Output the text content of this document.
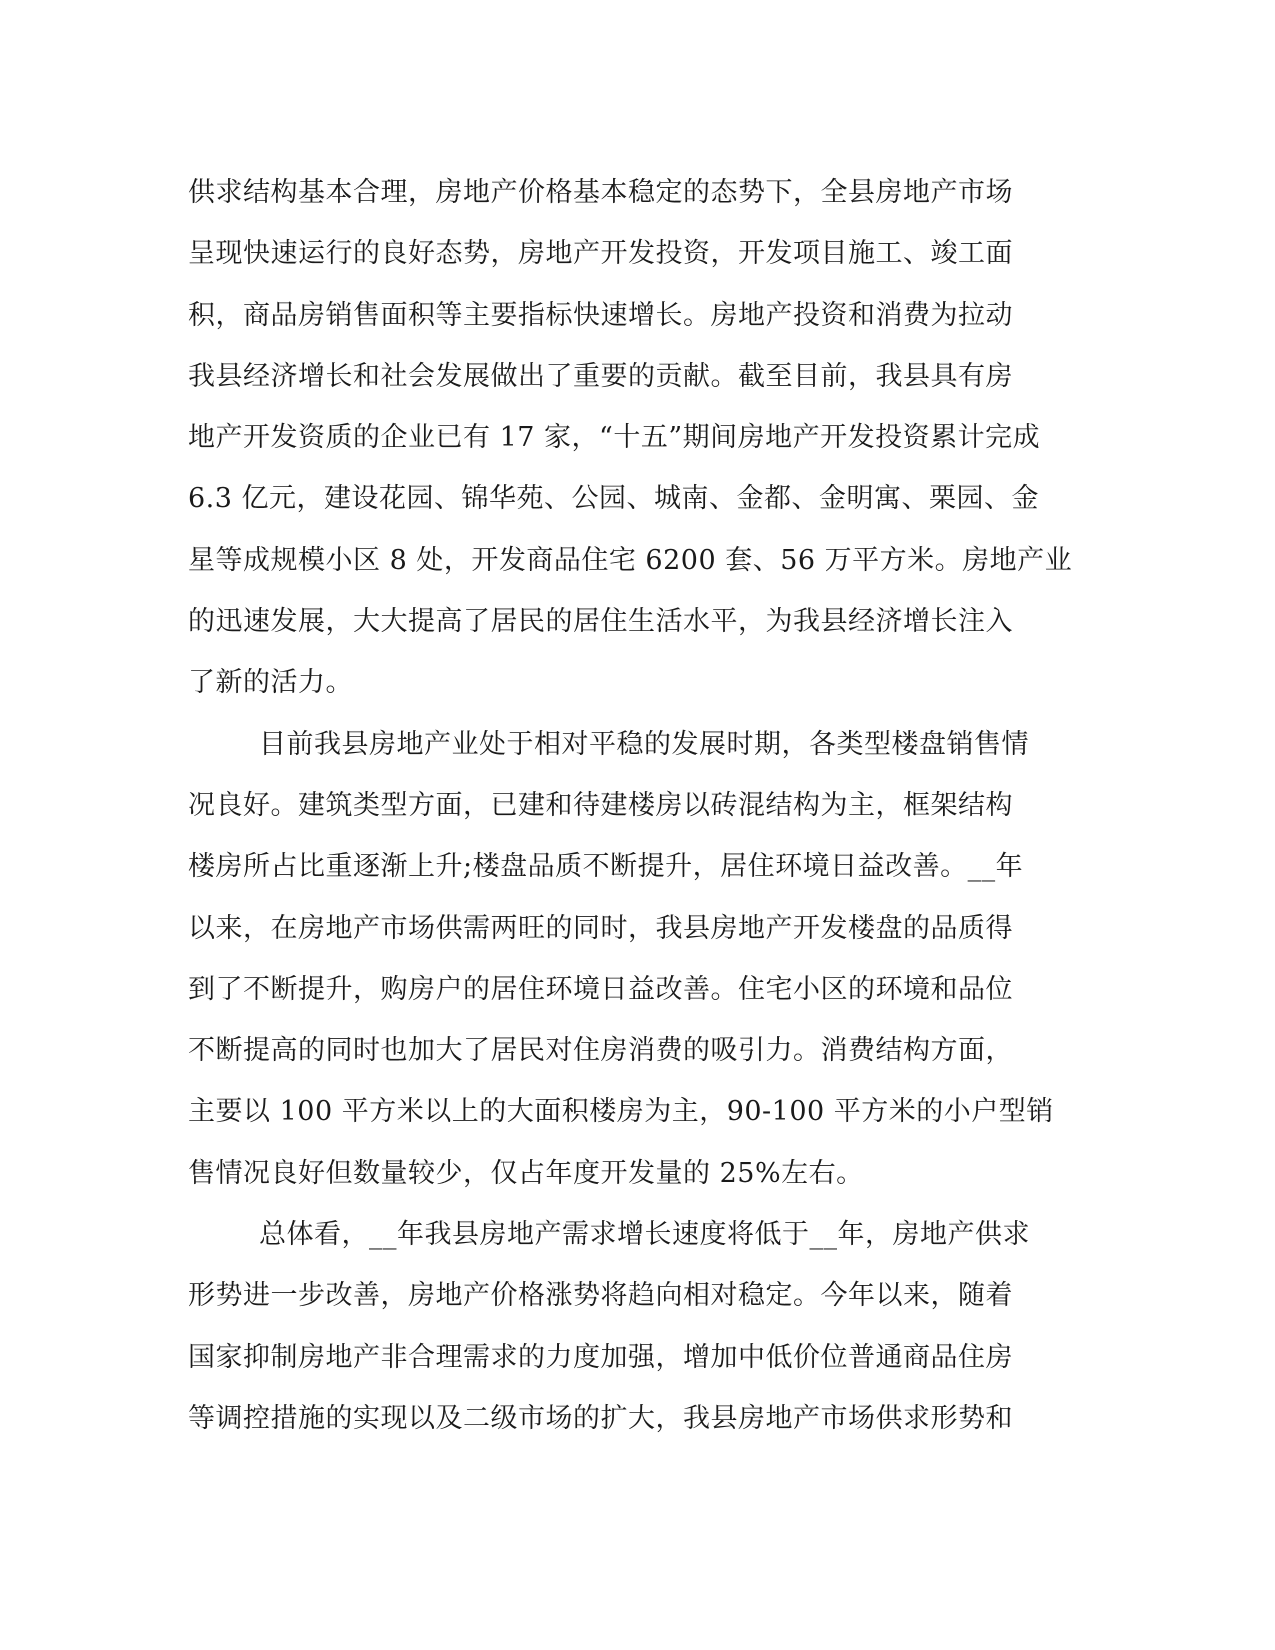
供求结构基本合理，房地产价格基本稳定的态势下，全县房地产市场
呈现快速运行的良好态势，房地产开发投资，开发项目施工、竣工面
积，商品房销售面积等主要指标快速增长。房地产投资和消费为拉动
我县经济增长和社会发展做出了重要的贡献。截至目前，我县具有房
地产开发资质的企业已有 17 家，“十五”期间房地产开发投资累计完成
6.3 亿元，建设花园、锦华苑、公园、城南、金都、金明寓、栗园、金
星等成规模小区 8 处，开发商品住宅 6200 套、56 万平方米。房地产业
的迅速发展，大大提高了居民的居住生活水平，为我县经济增长注入
了新的活力。
目前我县房地产业处于相对平稳的发展时期，各类型楼盘销售情
况良好。建筑类型方面，已建和待建楼房以砖混结构为主，框架结构
楼房所占比重逐渐上升;楼盘品质不断提升，居住环境日益改善。__年
以来，在房地产市场供需两旺的同时，我县房地产开发楼盘的品质得
到了不断提升，购房户的居住环境日益改善。住宅小区的环境和品位
不断提高的同时也加大了居民对住房消费的吸引力。消费结构方面，
主要以 100 平方米以上的大面积楼房为主，90-100 平方米的小户型销
售情况良好但数量较少，仅占年度开发量的 25%左右。
总体看，__年我县房地产需求增长速度将低于__年，房地产供求
形势进一步改善，房地产价格涨势将趋向相对稳定。今年以来，随着
国家抑制房地产非合理需求的力度加强，增加中低价位普通商品住房
等调控措施的实现以及二级市场的扩大，我县房地产市场供求形势和
